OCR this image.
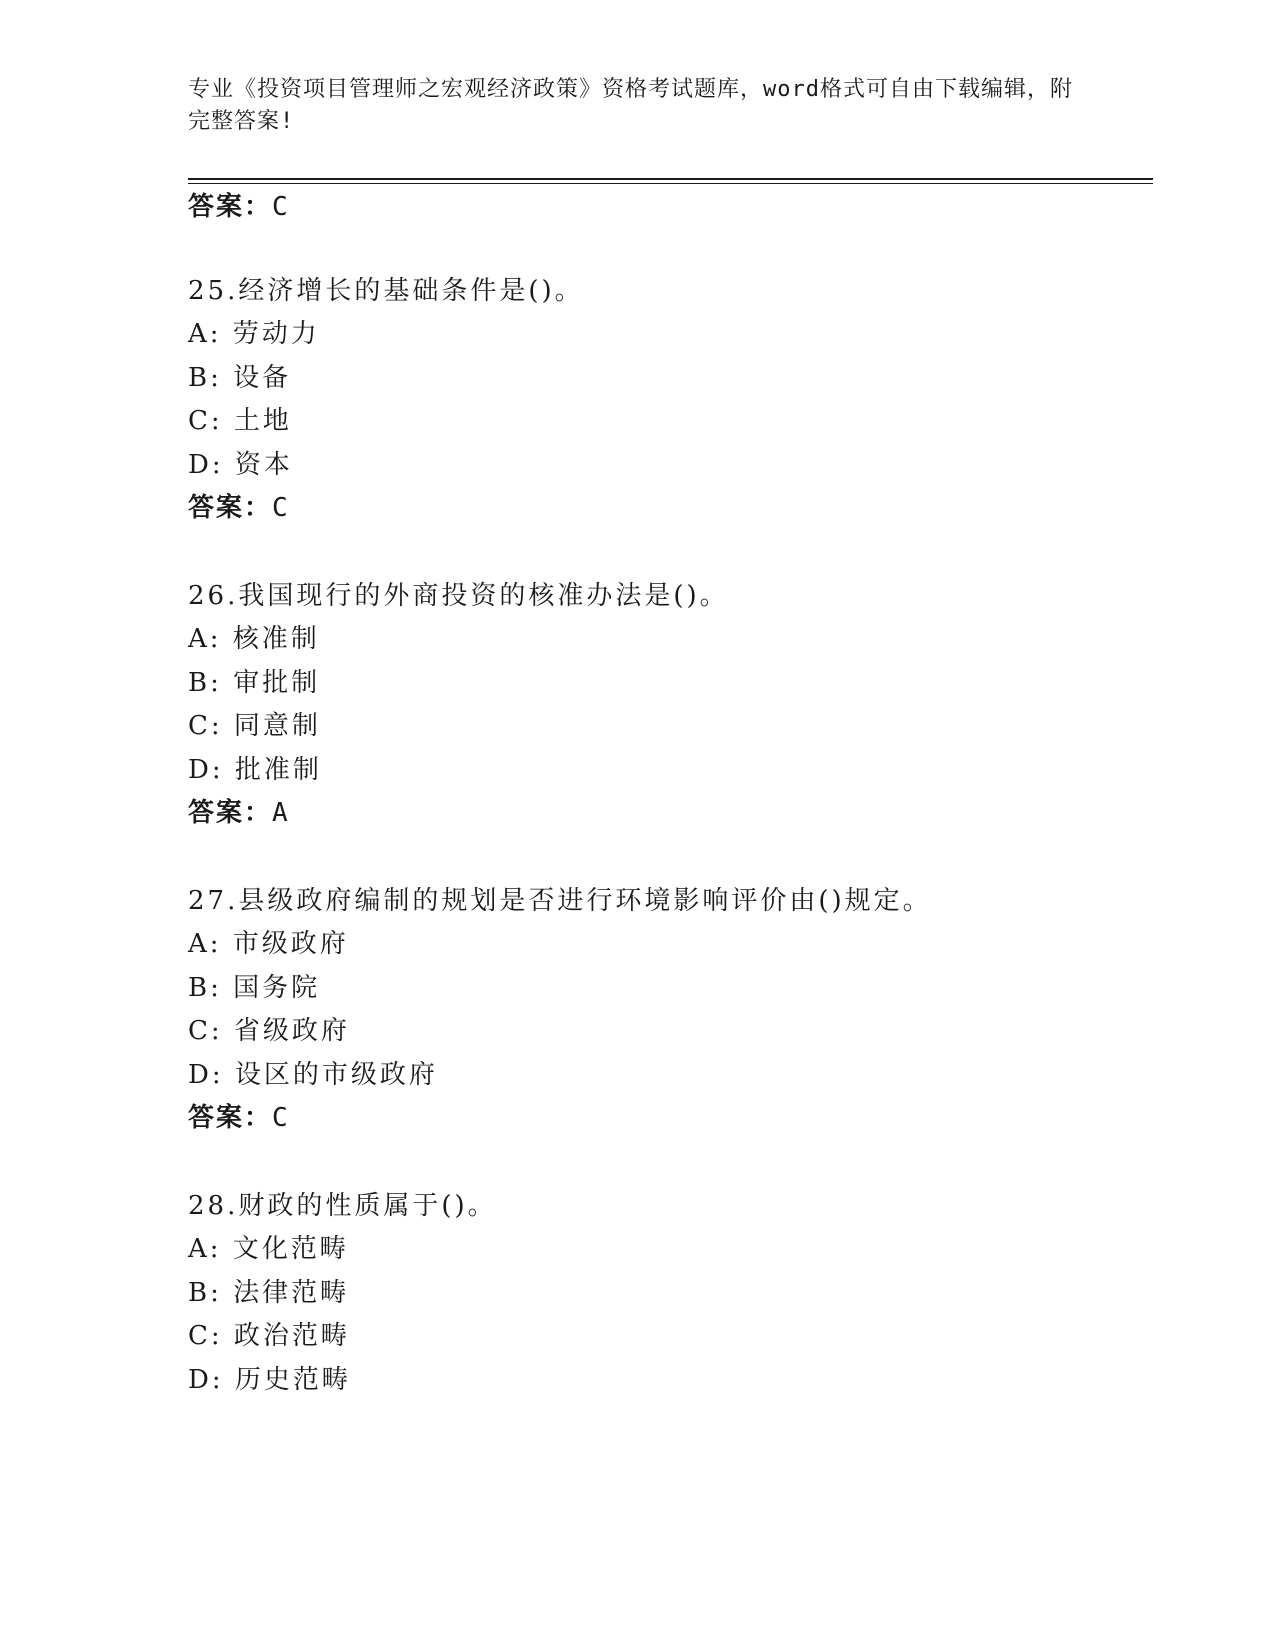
专业《投资项目管理师之宏观经济政策》资格考试题库，word格式可自由下载编辑，附完整答案!
答案：C
25.经济增长的基础条件是()。
A: 劳动力
B: 设备
C: 土地
D: 资本
答案：C
26.我国现行的外商投资的核准办法是()。
A: 核准制
B: 审批制
C: 同意制
D: 批准制
答案：A
27.县级政府编制的规划是否进行环境影响评价由()规定。
A: 市级政府
B: 国务院
C: 省级政府
D: 设区的市级政府
答案：C
28.财政的性质属于()。
A: 文化范畴
B: 法律范畴
C: 政治范畴
D: 历史范畴
